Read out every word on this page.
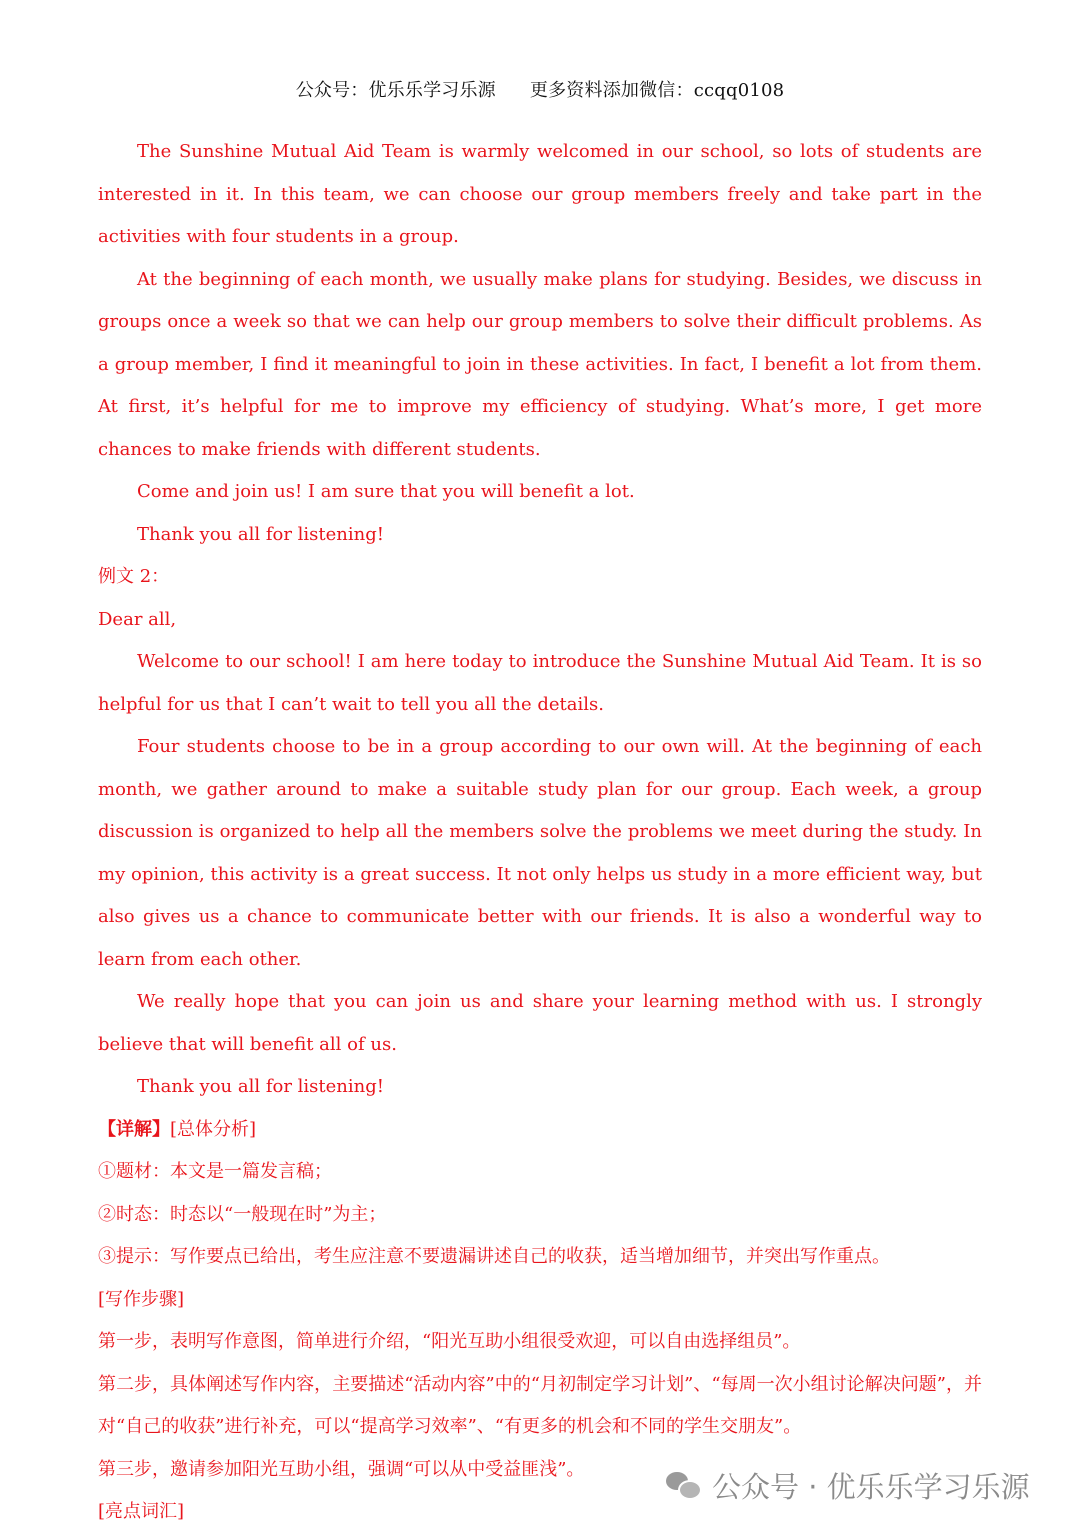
公众号：优乐乐学习乐源 更多资料添加微信：ccqq0108

The Sunshine Mutual Aid Team is warmly welcomed in our school, so lots of students are interested in it. In this team, we can choose our group members freely and take part in the activities with four students in a group.

At the beginning of each month, we usually make plans for studying. Besides, we discuss in groups once a week so that we can help our group members to solve their difficult problems. As a group member, I find it meaningful to join in these activities. In fact, I benefit a lot from them. At first, it’s helpful for me to improve my efficiency of studying. What’s more, I get more chances to make friends with different students.

Come and join us! I am sure that you will benefit a lot.

Thank you all for listening!

例文 2：

Dear all,

Welcome to our school! I am here today to introduce the Sunshine Mutual Aid Team. It is so helpful for us that I can’t wait to tell you all the details.

Four students choose to be in a group according to our own will. At the beginning of each month, we gather around to make a suitable study plan for our group. Each week, a group discussion is organized to help all the members solve the problems we meet during the study. In my opinion, this activity is a great success. It not only helps us study in a more efficient way, but also gives us a chance to communicate better with our friends. It is also a wonderful way to learn from each other.

We really hope that you can join us and share your learning method with us. I strongly believe that will benefit all of us.

Thank you all for listening!

【详解】[总体分析]

①题材：本文是一篇发言稿；

②时态：时态以“一般现在时”为主；

③提示：写作要点已给出，考生应注意不要遗漏讲述自己的收获，适当增加细节，并突出写作重点。

[写作步骤]

第一步，表明写作意图，简单进行介绍，“阳光互助小组很受欢迎，可以自由选择组员”。

第二步，具体阐述写作内容，主要描述“活动内容”中的“月初制定学习计划”、“每周一次小组讨论解决问题”，并对“自己的收获”进行补充，可以“提高学习效率”、“有更多的机会和不同的学生交朋友”。

第三步，邀请参加阳光互助小组，强调“可以从中受益匪浅”。

[亮点词汇]

公众号 · 优乐乐学习乐源
